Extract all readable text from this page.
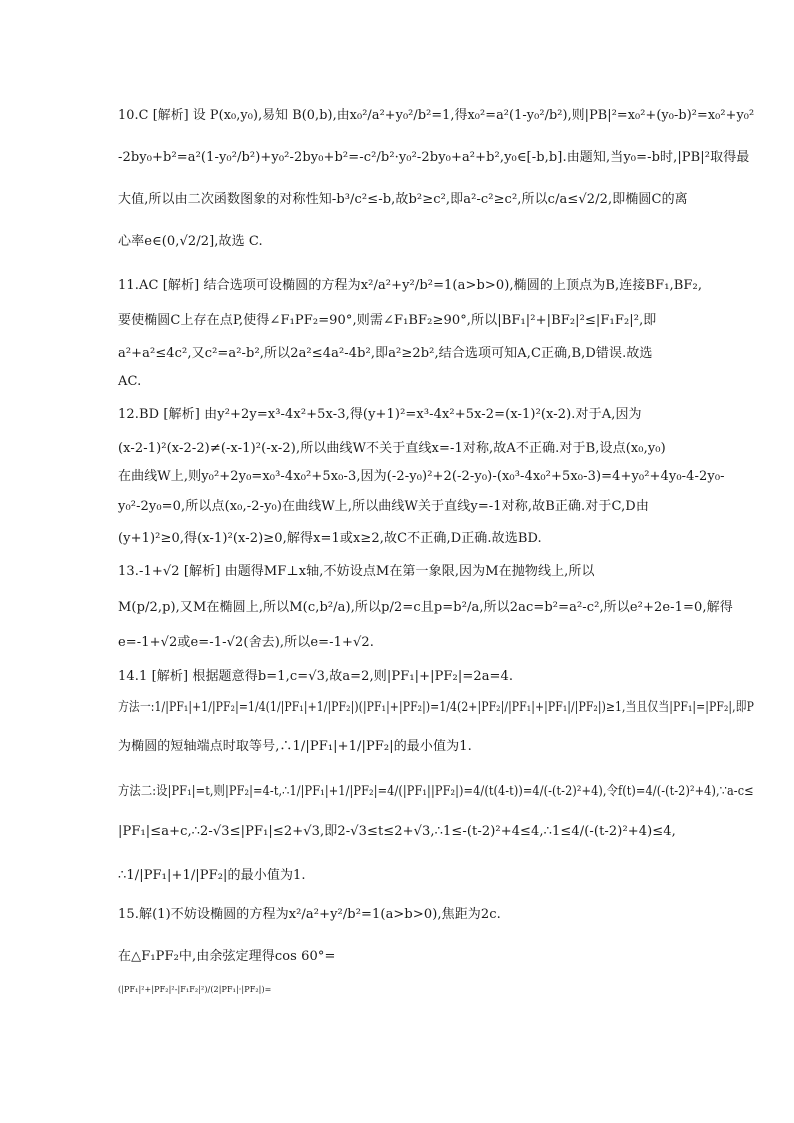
10.C [解析] 设 P(x₀,y₀),易知 B(0,b),由x₀²/a²+y₀²/b²=1,得x₀²=a²(1-y₀²/b²),则|PB|²=x₀²+(y₀-b)²=x₀²+y₀²
-2by₀+b²=a²(1-y₀²/b²)+y₀²-2by₀+b²=-c²/b²·y₀²-2by₀+a²+b²,y₀∈[-b,b].由题知,当y₀=-b时,|PB|²取得最
大值,所以由二次函数图象的对称性知-b³/c²≤-b,故b²≥c²,即a²-c²≥c²,所以c/a≤√2/2,即椭圆C的离
心率e∈(0,√2/2],故选 C.
11.AC [解析] 结合选项可设椭圆的方程为x²/a²+y²/b²=1(a>b>0),椭圆的上顶点为B,连接BF₁,BF₂,
要使椭圆C上存在点P,使得∠F₁PF₂=90°,则需∠F₁BF₂≥90°,所以|BF₁|²+|BF₂|²≤|F₁F₂|²,即
a²+a²≤4c²,又c²=a²-b²,所以2a²≤4a²-4b²,即a²≥2b²,结合选项可知A,C正确,B,D错误.故选
AC.
12.BD [解析] 由y²+2y=x³-4x²+5x-3,得(y+1)²=x³-4x²+5x-2=(x-1)²(x-2).对于A,因为
(x-2-1)²(x-2-2)≠(-x-1)²(-x-2),所以曲线W不关于直线x=-1对称,故A不正确.对于B,设点(x₀,y₀)
在曲线W上,则y₀²+2y₀=x₀³-4x₀²+5x₀-3,因为(-2-y₀)²+2(-2-y₀)-(x₀³-4x₀²+5x₀-3)=4+y₀²+4y₀-4-2y₀-
y₀²-2y₀=0,所以点(x₀,-2-y₀)在曲线W上,所以曲线W关于直线y=-1对称,故B正确.对于C,D由
(y+1)²≥0,得(x-1)²(x-2)≥0,解得x=1或x≥2,故C不正确,D正确.故选BD.
13.-1+√2 [解析] 由题得MF⊥x轴,不妨设点M在第一象限,因为M在抛物线上,所以
M(p/2,p),又M在椭圆上,所以M(c,b²/a),所以p/2=c且p=b²/a,所以2ac=b²=a²-c²,所以e²+2e-1=0,解得
e=-1+√2或e=-1-√2(舍去),所以e=-1+√2.
14.1 [解析] 根据题意得b=1,c=√3,故a=2,则|PF₁|+|PF₂|=2a=4.
方法一:1/|PF₁|+1/|PF₂|=1/4(1/|PF₁|+1/|PF₂|)(|PF₁|+|PF₂|)=1/4(2+|PF₂|/|PF₁|+|PF₁|/|PF₂|)≥1,当且仅当|PF₁|=|PF₂|,即P
为椭圆的短轴端点时取等号,∴1/|PF₁|+1/|PF₂|的最小值为1.
方法二:设|PF₁|=t,则|PF₂|=4-t,∴1/|PF₁|+1/|PF₂|=4/(|PF₁||PF₂|)=4/(t(4-t))=4/(-(t-2)²+4),令f(t)=4/(-(t-2)²+4),∵a-c≤
|PF₁|≤a+c,∴2-√3≤|PF₁|≤2+√3,即2-√3≤t≤2+√3,∴1≤-(t-2)²+4≤4,∴1≤4/(-(t-2)²+4)≤4,
∴1/|PF₁|+1/|PF₂|的最小值为1.
15.解(1)不妨设椭圆的方程为x²/a²+y²/b²=1(a>b>0),焦距为2c.
在△F₁PF₂中,由余弦定理得cos 60°=
(|PF₁|²+|PF₂|²-|F₁F₂|²)/(2|PF₁|·|PF₂|)=
